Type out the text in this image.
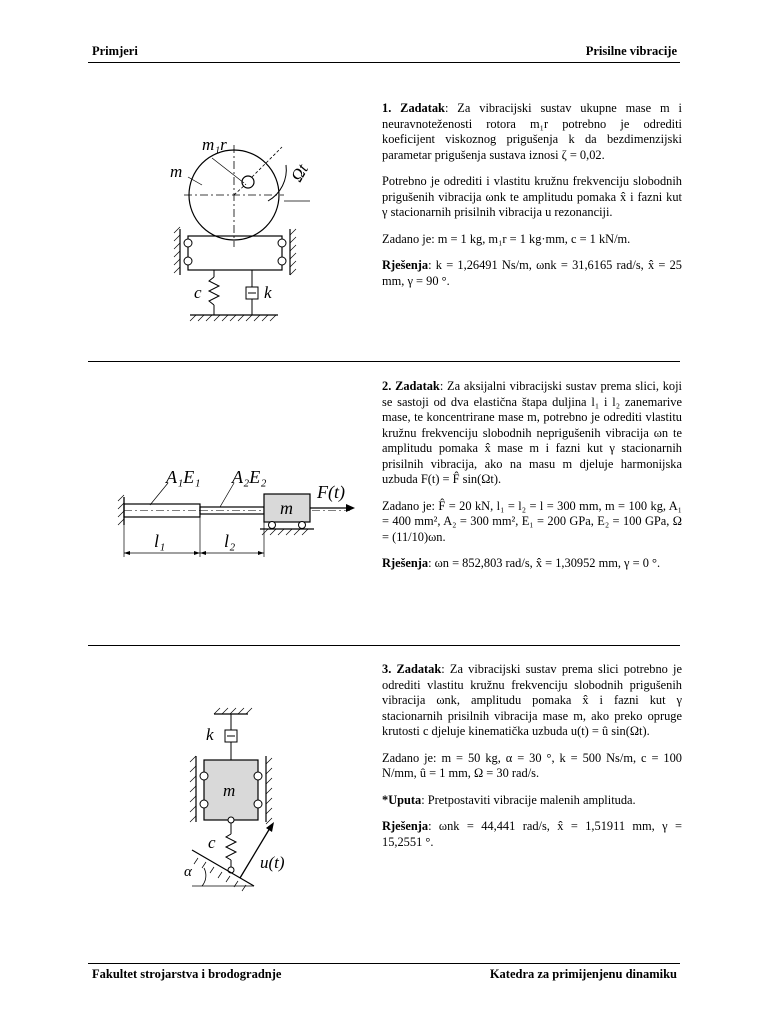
Primjeri	Prisilne vibracije

1. Zadatak: Za vibracijski sustav ukupne mase m i neuravnoteženosti rotora m₁r potrebno je odrediti koeficijent viskoznog prigušenja k da bezdimenzijski parametar prigušenja sustava iznosi ζ = 0,02.

Potrebno je odrediti i vlastitu kružnu frekvenciju slobodnih prigušenih vibracija ωnk te amplitudu pomaka x̂ i fazni kut γ stacionarnih prisilnih vibracija u rezonanciji.

Zadano je: m = 1 kg, m₁r = 1 kg·mm, c = 1 kN/m.

Rješenja: k = 1,26491 Ns/m, ωnk = 31,6165 rad/s, x̂ = 25 mm, γ = 90 °.

m₁r
m	Ωt
c	k

2. Zadatak: Za aksijalni vibracijski sustav prema slici, koji se sastoji od dva elastična štapa duljina l₁ i l₂ zanemarive mase, te koncentrirane mase m, potrebno je odrediti vlastitu kružnu frekvenciju slobodnih neprigušenih vibracija ωn te amplitudu pomaka x̂ mase m i fazni kut γ stacionarnih prisilnih vibracija, ako na masu m djeluje harmonijska uzbuda F(t) = F̂ sin(Ωt).

Zadano je: F̂ = 20 kN, l₁ = l₂ = l = 300 mm, m = 100 kg, A₁ = 400 mm², A₂ = 300 mm², E₁ = 200 GPa, E₂ = 100 GPa, Ω = (11/10)ωn.

Rješenja: ωn = 852,803 rad/s, x̂ = 1,30952 mm, γ = 0 °.

A₁E₁ A₂E₂
m
F(t)
l₁	l₂

3. Zadatak: Za vibracijski sustav prema slici potrebno je odrediti vlastitu kružnu frekvenciju slobodnih prigušenih vibracija ωnk, amplitudu pomaka x̂ i fazni kut γ stacionarnih prisilnih vibracija mase m, ako preko opruge krutosti c djeluje kinematička uzbuda u(t) = û sin(Ωt).

Zadano je: m = 50 kg, α = 30 °, k = 500 Ns/m, c = 100 N/mm, û = 1 mm, Ω = 30 rad/s.

*Uputa: Pretpostaviti vibracije malenih amplituda.

Rješenja: ωnk = 44,441 rad/s, x̂ = 1,51911 mm, γ = 15,2551 °.

k
m
c
α	u(t)
Fakultet strojarstva i brodogradnje	Katedra za primijenjenu dinamiku
